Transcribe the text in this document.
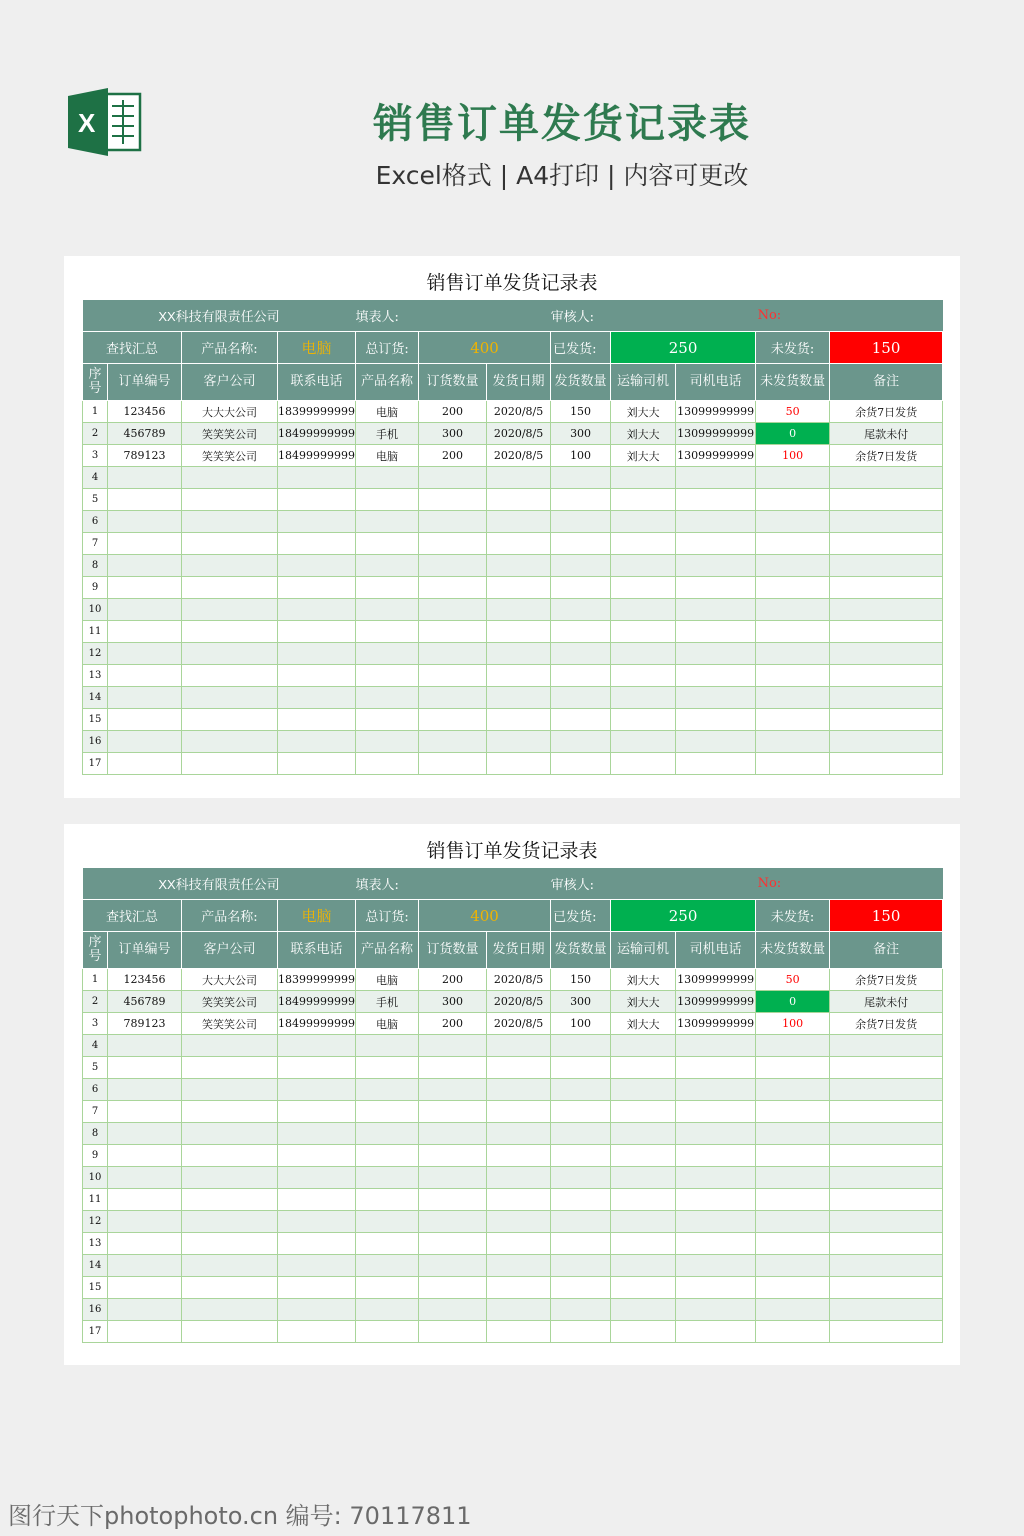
X	销售订单发货记录表
Excel格式 | A4打印 | 内容可更改
销售订单发货记录表
XX科技有限责任公司				填表人:			审核人:			No:	
查找汇总		产品名称:	电脑	总订货:	400		已发货:	250		未发货:	150
序号	订单编号	客户公司	联系电话	产品名称	订货数量	发货日期	发货数量	运输司机	司机电话	未发货数量	备注
1	123456	大大大公司	18399999999	电脑	200	2020/8/5	150	刘大大	13099999999	50	余货7日发货
2	456789	笑笑笑公司	18499999999	手机	300	2020/8/5	300	刘大大	13099999999	0	尾款未付
3	789123	笑笑笑公司	18499999999	电脑	200	2020/8/5	100	刘大大	13099999999	100	余货7日发货
4											
5											
6											
7											
8											
9											
10											
11											
12											
13											
14											
15											
16											
17											
销售订单发货记录表
XX科技有限责任公司				填表人:			审核人:			No:	
查找汇总		产品名称:	电脑	总订货:	400		已发货:	250		未发货:	150
序号	订单编号	客户公司	联系电话	产品名称	订货数量	发货日期	发货数量	运输司机	司机电话	未发货数量	备注
1	123456	大大大公司	18399999999	电脑	200	2020/8/5	150	刘大大	13099999999	50	余货7日发货
2	456789	笑笑笑公司	18499999999	手机	300	2020/8/5	300	刘大大	13099999999	0	尾款未付
3	789123	笑笑笑公司	18499999999	电脑	200	2020/8/5	100	刘大大	13099999999	100	余货7日发货
4											
5											
6											
7											
8											
9											
10											
11											
12											
13											
14											
15											
16											
17											
图行天下photophoto.cn 编号: 70117811
